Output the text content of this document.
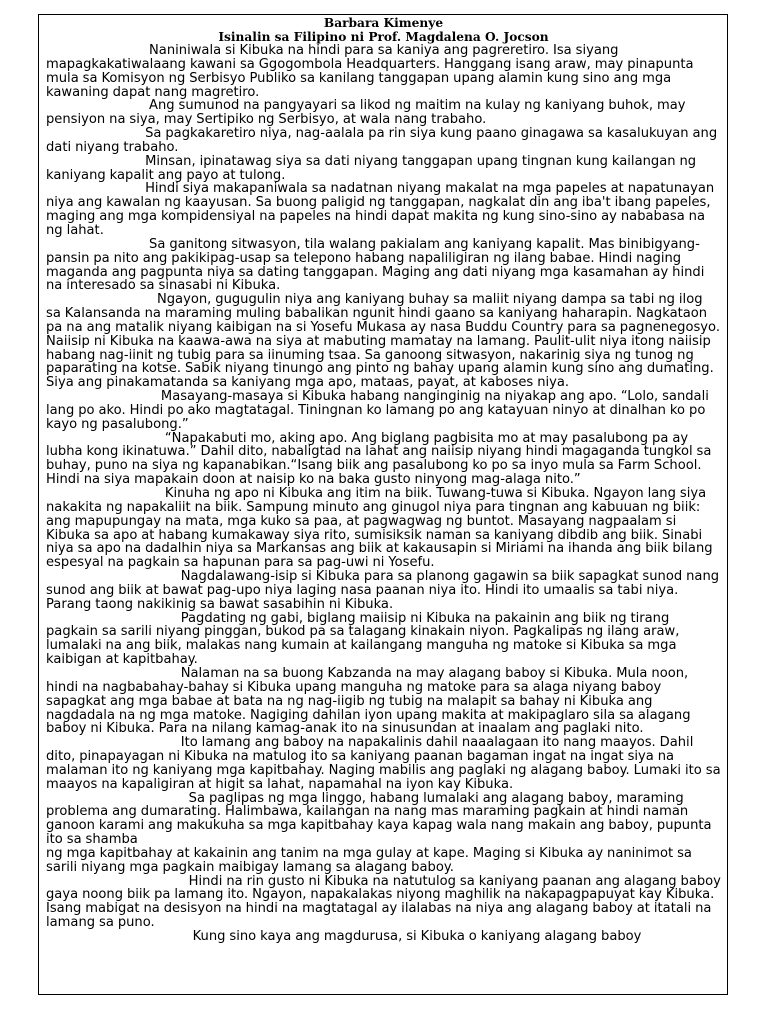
Barbara Kimenye
Isinalin sa Filipino ni Prof. Magdalena O. Jocson

Naniniwala si Kibuka na hindi para sa kaniya ang pagreretiro. Isa siyang mapagkakatiwalaang kawani sa Ggogombola Headquarters. Hanggang isang araw, may pinapunta mula sa Komisyon ng Serbisyo Publiko sa kanilang tanggapan upang alamin kung sino ang mga kawaning dapat nang magretiro.

Ang sumunod na pangyayari sa likod ng maitim na kulay ng kaniyang buhok, may pensiyon na siya, may Sertipiko ng Serbisyo, at wala nang trabaho.

Sa pagkakaretiro niya, nag-aalala pa rin siya kung paano ginagawa sa kasalukuyan ang dati niyang trabaho.

Minsan, ipinatawag siya sa dati niyang tanggapan upang tingnan kung kailangan ng kaniyang kapalit ang payo at tulong.

Hindi siya makapaniwala sa nadatnan niyang makalat na mga papeles at napatunayan niya ang kawalan ng kaayusan. Sa buong paligid ng tanggapan, nagkalat din ang iba't ibang papeles, maging ang mga kompidensiyal na papeles na hindi dapat makita ng kung sino-sino ay nababasa na ng lahat.

Sa ganitong sitwasyon, tila walang pakialam ang kaniyang kapalit. Mas binibigyang-pansin pa nito ang pakikipag-usap sa telepono habang napaliligiran ng ilang babae. Hindi naging maganda ang pagpunta niya sa dating tanggapan. Maging ang dati niyang mga kasamahan ay hindi na interesado sa sinasabi ni Kibuka.

Ngayon, gugugulin niya ang kaniyang buhay sa maliit niyang dampa sa tabi ng ilog sa Kalansanda na maraming muling babalikan ngunit hindi gaano sa kaniyang haharapin. Nagkataon pa na ang matalik niyang kaibigan na si Yosefu Mukasa ay nasa Buddu Country para sa pagnenegosyo. Naiisip ni Kibuka na kaawa-awa na siya at mabuting mamatay na lamang. Paulit-ulit niya itong naiisip habang nag-iinit ng tubig para sa iinuming tsaa. Sa ganoong sitwasyon, nakarinig siya ng tunog ng paparating na kotse. Sabik niyang tinungo ang pinto ng bahay upang alamin kung sino ang dumating. Siya ang pinakamatanda sa kaniyang mga apo, mataas, payat, at kaboses niya.

Masayang-masaya si Kibuka habang nanginginig na niyakap ang apo. “Lolo, sandali lang po ako. Hindi po ako magtatagal. Tiningnan ko lamang po ang katayuan ninyo at dinalhan ko po kayo ng pasalubong.”

“Napakabuti mo, aking apo. Ang biglang pagbisita mo at may pasalubong pa ay lubha kong ikinatuwa.” Dahil dito, nabaligtad na lahat ang naiisip niyang hindi magaganda tungkol sa buhay, puno na siya ng kapanabikan.“Isang biik ang pasalubong ko po sa inyo mula sa Farm School. Hindi na siya mapakain doon at naisip ko na baka gusto ninyong mag-alaga nito.”

Kinuha ng apo ni Kibuka ang itim na biik. Tuwang-tuwa si Kibuka. Ngayon lang siya nakakita ng napakaliit na biik. Sampung minuto ang ginugol niya para tingnan ang kabuuan ng biik: ang mapupungay na mata, mga kuko sa paa, at pagwagwag ng buntot. Masayang nagpaalam si Kibuka sa apo at habang kumakaway siya rito, sumisiksik naman sa kaniyang dibdib ang biik. Sinabi niya sa apo na dadalhin niya sa Markansas ang biik at kakausapin si Miriami na ihanda ang biik bilang espesyal na pagkain sa hapunan para sa pag-uwi ni Yosefu.

Nagdalawang-isip si Kibuka para sa planong gagawin sa biik sapagkat sunod nang sunod ang biik at bawat pag-upo niya laging nasa paanan niya ito. Hindi ito umaalis sa tabi niya. Parang taong nakikinig sa bawat sasabihin ni Kibuka.

Pagdating ng gabi, biglang maiisip ni Kibuka na pakainin ang biik ng tirang pagkain sa sarili niyang pinggan, bukod pa sa talagang kinakain niyon. Pagkalipas ng ilang araw, lumalaki na ang biik, malakas nang kumain at kailangang manguha ng matoke si Kibuka sa mga kaibigan at kapitbahay.

Nalaman na sa buong Kabzanda na may alagang baboy si Kibuka. Mula noon, hindi na nagbabahay-bahay si Kibuka upang manguha ng matoke para sa alaga niyang baboy sapagkat ang mga babae at bata na ng nag-iigib ng tubig na malapit sa bahay ni Kibuka ang nagdadala na ng mga matoke. Nagiging dahilan iyon upang makita at makipaglaro sila sa alagang baboy ni Kibuka. Para na nilang kamag-anak ito na sinusundan at inaalam ang paglaki nito.

Ito lamang ang baboy na napakalinis dahil naaalagaan ito nang maayos. Dahil dito, pinapayagan ni Kibuka na matulog ito sa kaniyang paanan bagaman ingat na ingat siya na malaman ito ng kaniyang mga kapitbahay. Naging mabilis ang paglaki ng alagang baboy. Lumaki ito sa maayos na kapaligiran at higit sa lahat, napamahal na iyon kay Kibuka.

Sa paglipas ng mga linggo, habang lumalaki ang alagang baboy, maraming problema ang dumarating. Halimbawa, kailangan na nang mas maraming pagkain at hindi naman ganoon karami ang makukuha sa mga kapitbahay kaya kapag wala nang makain ang baboy, pupunta ito sa shamba
ng mga kapitbahay at kakainin ang tanim na mga gulay at kape. Maging si Kibuka ay naninimot sa sarili niyang mga pagkain maibigay lamang sa alagang baboy.

Hindi na rin gusto ni Kibuka na natutulog sa kaniyang paanan ang alagang baboy gaya noong biik pa lamang ito. Ngayon, napakalakas niyong maghilik na nakapagpapuyat kay Kibuka. Isang mabigat na desisyon na hindi na magtatagal ay ilalabas na niya ang alagang baboy at itatali na lamang sa puno.

Kung sino kaya ang magdurusa, si Kibuka o kaniyang alagang baboy
